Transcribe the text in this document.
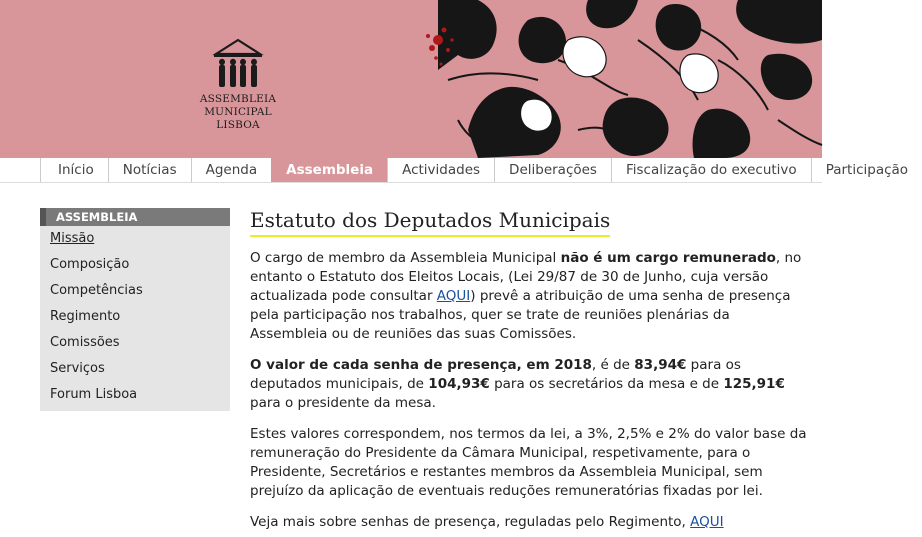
ASSEMBLEIA MUNICIPAL
LISBOA
Início	Notícias	Agenda	Assembleia	Actividades	Deliberações	Fiscalização do executivo	Participação
ASSEMBLEIA
Missão
Composição
Competências
Regimento
Comissões
Serviços
Forum Lisboa
Estatuto dos Deputados Municipais

O cargo de membro da Assembleia Municipal não é um cargo remunerado, no entanto o Estatuto dos Eleitos Locais, (Lei 29/87 de 30 de Junho, cuja versão actualizada pode consultar AQUI) prevê a atribuição de uma senha de presença pela participação nos trabalhos, quer se trate de reuniões plenárias da Assembleia ou de reuniões das suas Comissões.

O valor de cada senha de presença, em 2018, é de 83,94€ para os deputados municipais, de 104,93€ para os secretários da mesa e de 125,91€ para o presidente da mesa.

Estes valores correspondem, nos termos da lei, a 3%, 2,5% e 2% do valor base da remuneração do Presidente da Câmara Municipal, respetivamente, para o Presidente, Secretários e restantes membros da Assembleia Municipal, sem prejuízo da aplicação de eventuais reduções remuneratórias fixadas por lei.

Veja mais sobre senhas de presença, reguladas pelo Regimento, AQUI
